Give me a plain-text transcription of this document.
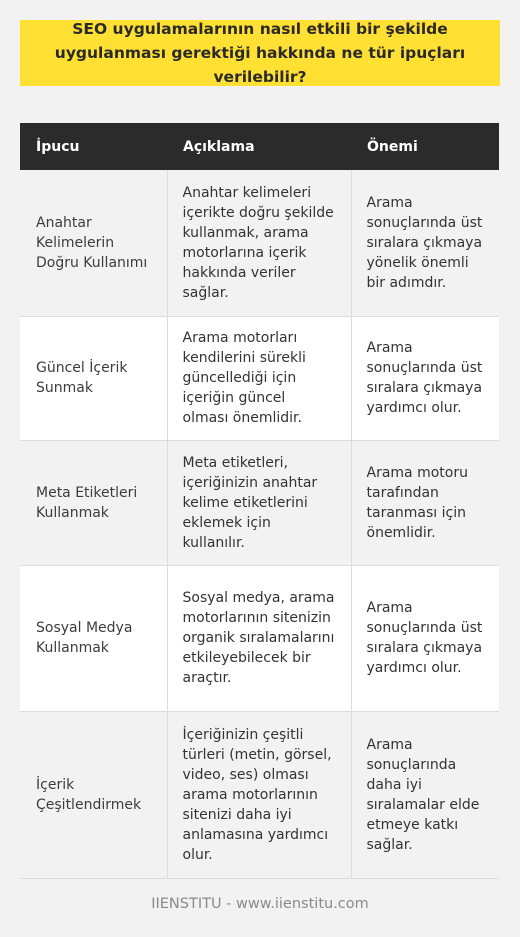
SEO uygulamalarının nasıl etkili bir şekilde uygulanması gerektiği hakkında ne tür ipuçları verilebilir?
İpucu	Açıklama	Önemi
Anahtar Kelimelerin Doğru Kullanımı	Anahtar kelimeleri içerikte doğru şekilde kullanmak, arama motorlarına içerik hakkında veriler sağlar.	Arama sonuçlarında üst sıralara çıkmaya yönelik önemli bir adımdır.
Güncel İçerik Sunmak	Arama motorları kendilerini sürekli güncellediği için içeriğin güncel olması önemlidir.	Arama sonuçlarında üst sıralara çıkmaya yardımcı olur.
Meta Etiketleri Kullanmak	Meta etiketleri, içeriğinizin anahtar kelime etiketlerini eklemek için kullanılır.	Arama motoru tarafından taranması için önemlidir.
Sosyal Medya Kullanmak	Sosyal medya, arama motorlarının sitenizin organik sıralamalarını etkileyebilecek bir araçtır.	Arama sonuçlarında üst sıralara çıkmaya yardımcı olur.
İçerik Çeşitlendirmek	İçeriğinizin çeşitli türleri (metin, görsel, video, ses) olması arama motorlarının sitenizi daha iyi anlamasına yardımcı olur.	Arama sonuçlarında daha iyi sıralamalar elde etmeye katkı sağlar.
IIENSTITU - www.iienstitu.com
